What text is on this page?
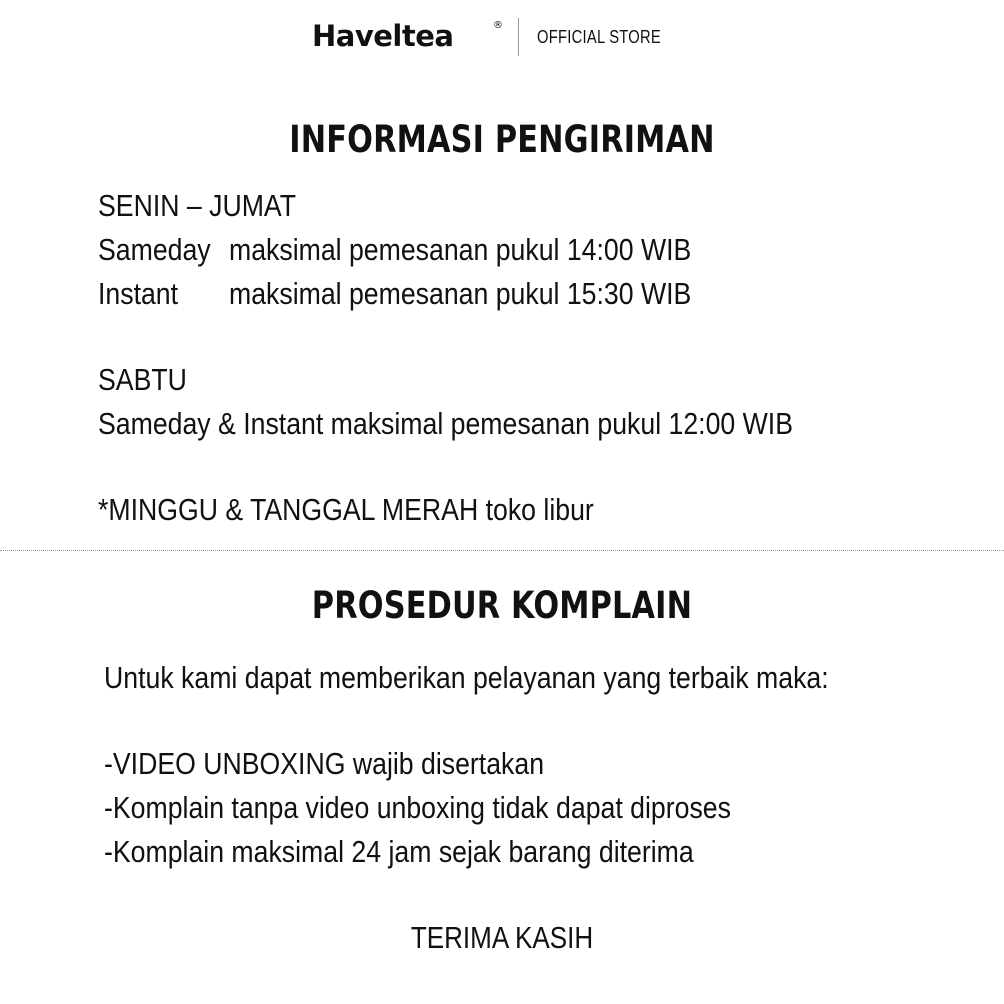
Haveltea	®
OFFICIAL STORE
INFORMASI PENGIRIMAN
SENIN – JUMAT
Sameday maksimal pemesanan pukul 14:00 WIB
Instant maksimal pemesanan pukul 15:30 WIB
SABTU
Sameday & Instant maksimal pemesanan pukul 12:00 WIB
*MINGGU & TANGGAL MERAH toko libur
PROSEDUR KOMPLAIN
Untuk kami dapat memberikan pelayanan yang terbaik maka:
-VIDEO UNBOXING wajib disertakan
-Komplain tanpa video unboxing tidak dapat diproses
-Komplain maksimal 24 jam sejak barang diterima
TERIMA KASIH
